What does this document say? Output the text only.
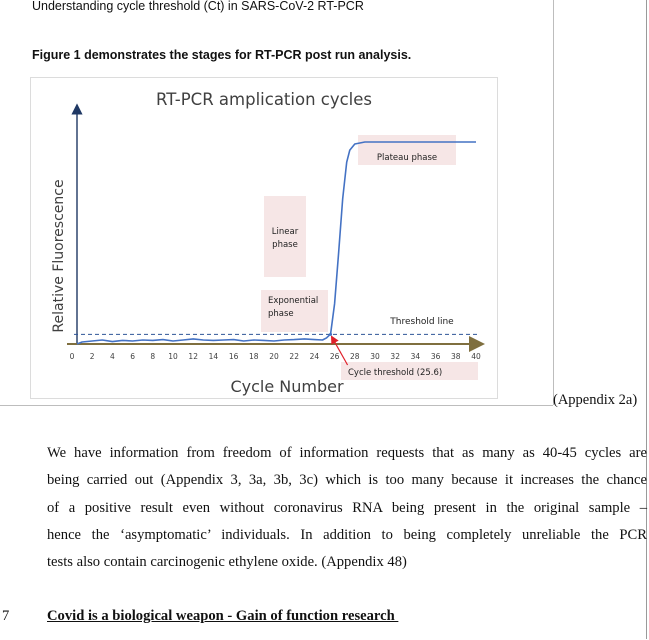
Understanding cycle threshold (Ct) in SARS-CoV-2 RT-PCR
Figure 1 demonstrates the stages for RT-PCR post run analysis.
RT-PCR amplication cycles
Relative Fluorescence
Cycle Number
Plateau phase
Linear
phase
Exponential
phase
Threshold line
Cycle threshold (25.6)
0 2 4 6 8 10 12 14 16 18 20 22 24 26 28 30 32 34 36 38 40
(Appendix 2a)
We have information from freedom of information requests that as many as 40-45 cycles are
being carried out (Appendix 3, 3a, 3b, 3c) which is too many because it increases the chance
of a positive result even without coronavirus RNA being present in the original sample –
hence the ‘asymptomatic’ individuals. In addition to being completely unreliable the PCR
tests also contain carcinogenic ethylene oxide. (Appendix 48)
7	Covid is a biological weapon - Gain of function research
